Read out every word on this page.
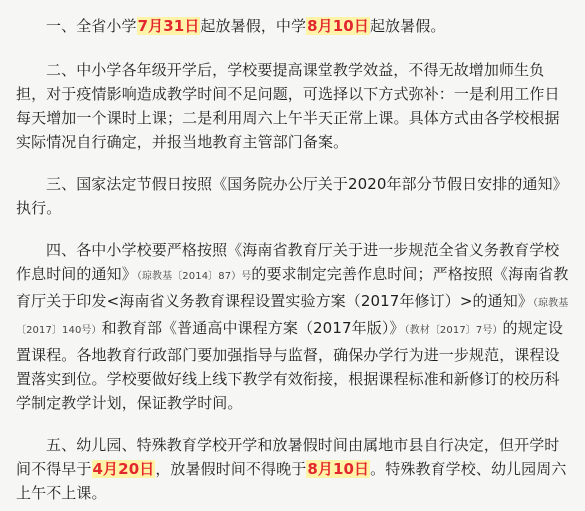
一、全省小学7月31日起放暑假，中学8月10日起放暑假。

二、中小学各年级开学后，学校要提高课堂教学效益，不得无故增加师生负担，对于疫情影响造成教学时间不足问题，可选择以下方式弥补：一是利用工作日每天增加一个课时上课；二是利用周六上午半天正常上课。具体方式由各学校根据实际情况自行确定，并报当地教育主管部门备案。

三、国家法定节假日按照《国务院办公厅关于2020年部分节假日安排的通知》执行。

四、各中小学校要严格按照《海南省教育厅关于进一步规范全省义务教育学校作息时间的通知》（琼教基〔2014〕87）号的要求制定完善作息时间；严格按照《海南省教育厅关于印发<海南省义务教育课程设置实验方案（2017年修订）>的通知》（琼教基〔2017〕140号）和教育部《普通高中课程方案（2017年版）》（教材〔2017〕7号）的规定设置课程。各地教育行政部门要加强指导与监督，确保办学行为进一步规范，课程设置落实到位。学校要做好线上线下教学有效衔接，根据课程标准和新修订的校历科学制定教学计划，保证教学时间。

五、幼儿园、特殊教育学校开学和放暑假时间由属地市县自行决定，但开学时间不得早于4月20日，放暑假时间不得晚于8月10日。特殊教育学校、幼儿园周六上午不上课。
